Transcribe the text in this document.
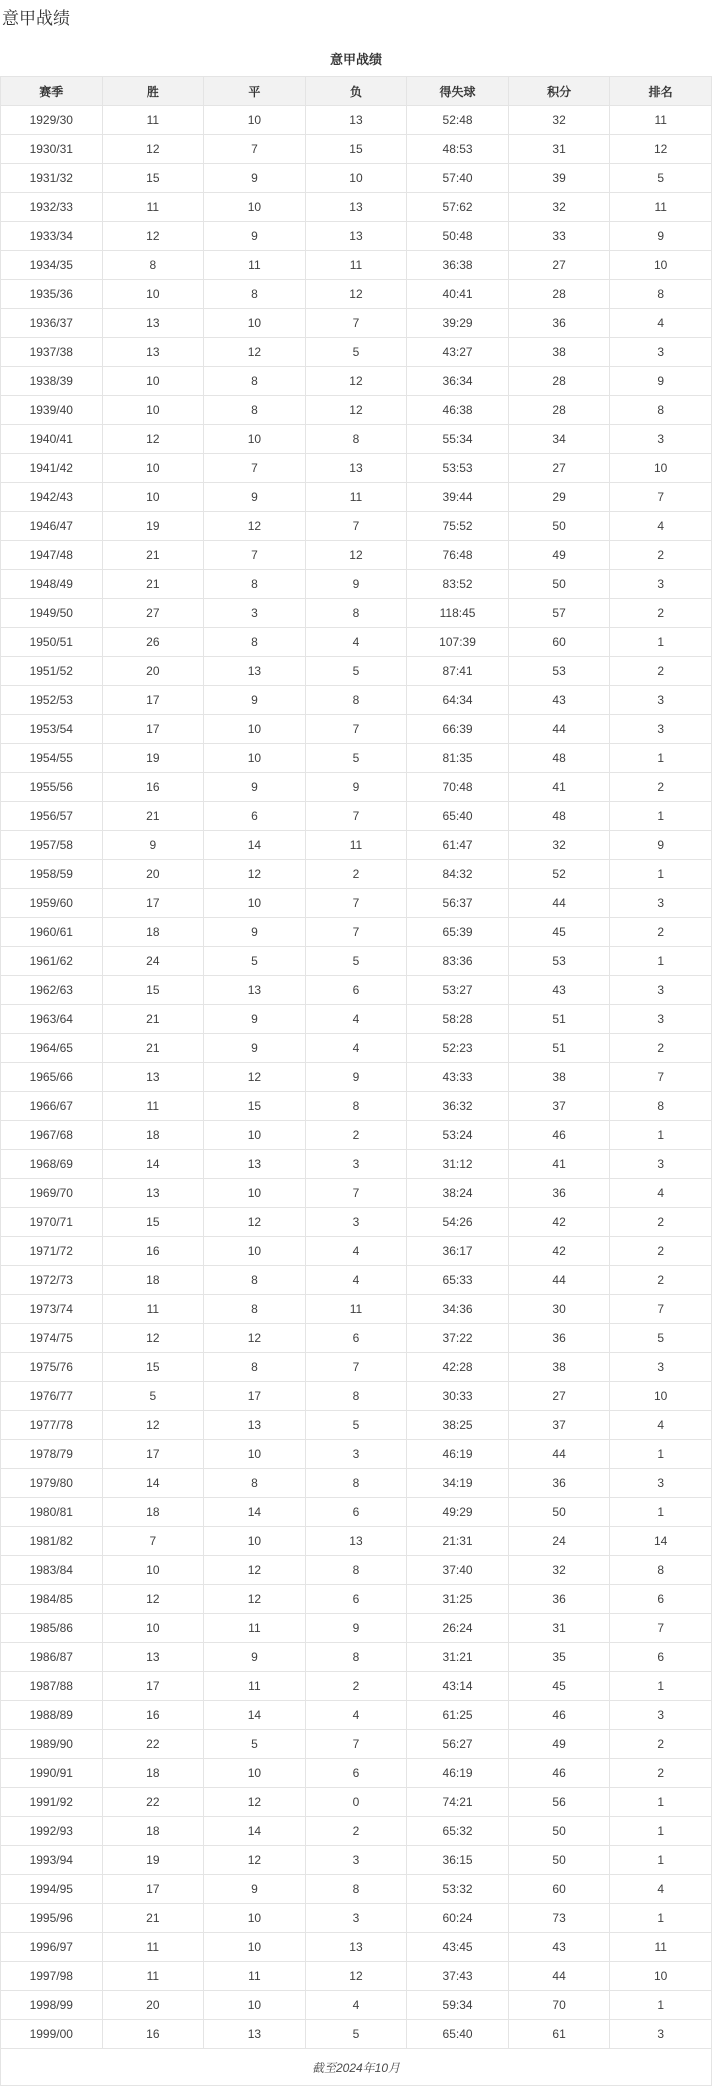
意甲战绩
意甲战绩
赛季	胜	平	负	得失球	积分	排名
1929/30	11	10	13	52:48	32	11
1930/31	12	7	15	48:53	31	12
1931/32	15	9	10	57:40	39	5
1932/33	11	10	13	57:62	32	11
1933/34	12	9	13	50:48	33	9
1934/35	8	11	11	36:38	27	10
1935/36	10	8	12	40:41	28	8
1936/37	13	10	7	39:29	36	4
1937/38	13	12	5	43:27	38	3
1938/39	10	8	12	36:34	28	9
1939/40	10	8	12	46:38	28	8
1940/41	12	10	8	55:34	34	3
1941/42	10	7	13	53:53	27	10
1942/43	10	9	11	39:44	29	7
1946/47	19	12	7	75:52	50	4
1947/48	21	7	12	76:48	49	2
1948/49	21	8	9	83:52	50	3
1949/50	27	3	8	118:45	57	2
1950/51	26	8	4	107:39	60	1
1951/52	20	13	5	87:41	53	2
1952/53	17	9	8	64:34	43	3
1953/54	17	10	7	66:39	44	3
1954/55	19	10	5	81:35	48	1
1955/56	16	9	9	70:48	41	2
1956/57	21	6	7	65:40	48	1
1957/58	9	14	11	61:47	32	9
1958/59	20	12	2	84:32	52	1
1959/60	17	10	7	56:37	44	3
1960/61	18	9	7	65:39	45	2
1961/62	24	5	5	83:36	53	1
1962/63	15	13	6	53:27	43	3
1963/64	21	9	4	58:28	51	3
1964/65	21	9	4	52:23	51	2
1965/66	13	12	9	43:33	38	7
1966/67	11	15	8	36:32	37	8
1967/68	18	10	2	53:24	46	1
1968/69	14	13	3	31:12	41	3
1969/70	13	10	7	38:24	36	4
1970/71	15	12	3	54:26	42	2
1971/72	16	10	4	36:17	42	2
1972/73	18	8	4	65:33	44	2
1973/74	11	8	11	34:36	30	7
1974/75	12	12	6	37:22	36	5
1975/76	15	8	7	42:28	38	3
1976/77	5	17	8	30:33	27	10
1977/78	12	13	5	38:25	37	4
1978/79	17	10	3	46:19	44	1
1979/80	14	8	8	34:19	36	3
1980/81	18	14	6	49:29	50	1
1981/82	7	10	13	21:31	24	14
1983/84	10	12	8	37:40	32	8
1984/85	12	12	6	31:25	36	6
1985/86	10	11	9	26:24	31	7
1986/87	13	9	8	31:21	35	6
1987/88	17	11	2	43:14	45	1
1988/89	16	14	4	61:25	46	3
1989/90	22	5	7	56:27	49	2
1990/91	18	10	6	46:19	46	2
1991/92	22	12	0	74:21	56	1
1992/93	18	14	2	65:32	50	1
1993/94	19	12	3	36:15	50	1
1994/95	17	9	8	53:32	60	4
1995/96	21	10	3	60:24	73	1
1996/97	11	10	13	43:45	43	11
1997/98	11	11	12	37:43	44	10
1998/99	20	10	4	59:34	70	1
1999/00	16	13	5	65:40	61	3
截至2024年10月						
